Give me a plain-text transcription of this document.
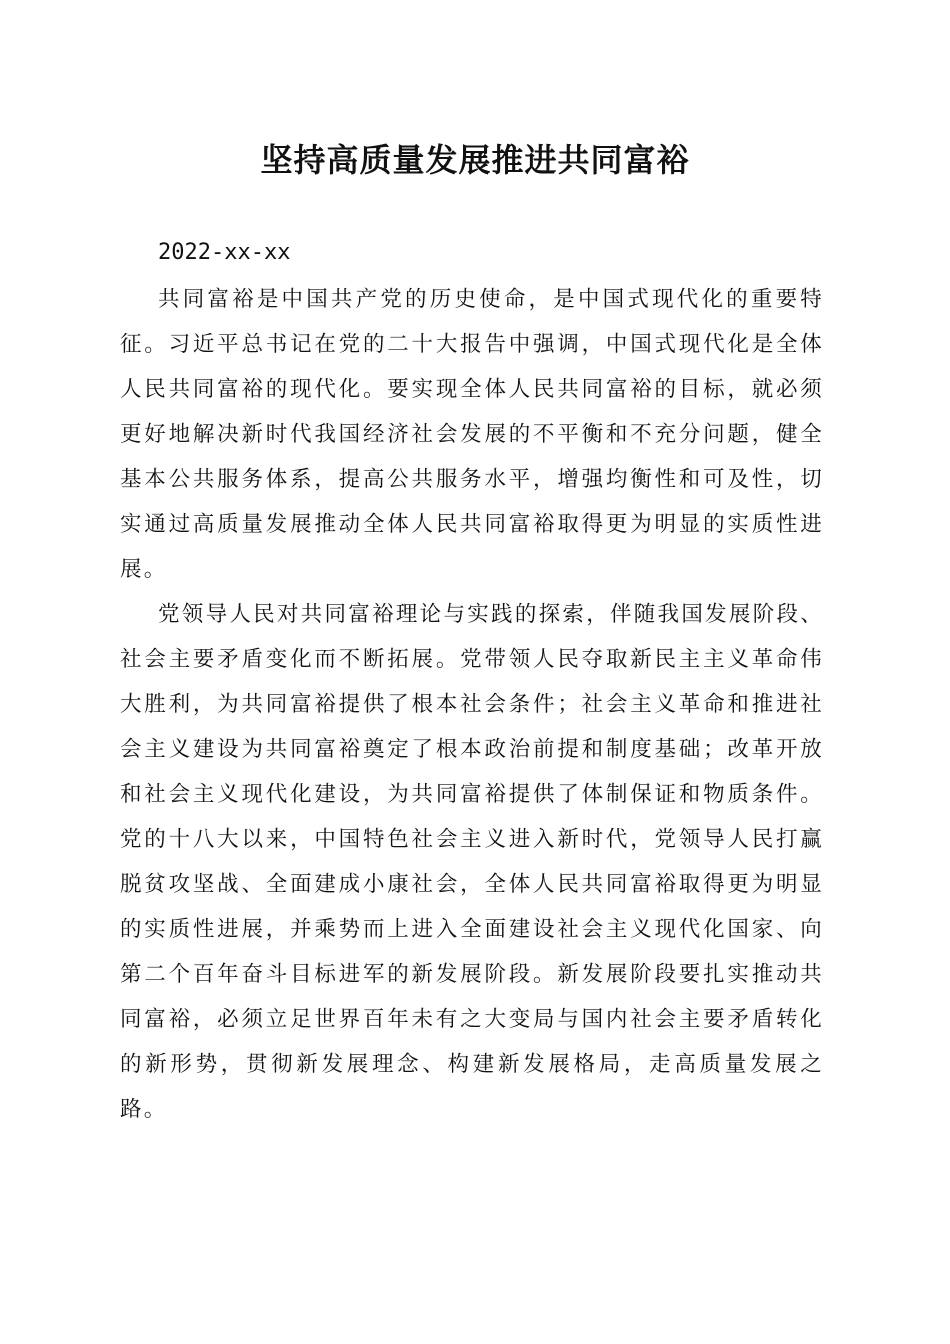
坚持高质量发展推进共同富裕

2022-xx-xx

共同富裕是中国共产党的历史使命，是中国式现代化的重要特征。习近平总书记在党的二十大报告中强调，中国式现代化是全体人民共同富裕的现代化。要实现全体人民共同富裕的目标，就必须更好地解决新时代我国经济社会发展的不平衡和不充分问题，健全基本公共服务体系，提高公共服务水平，增强均衡性和可及性，切实通过高质量发展推动全体人民共同富裕取得更为明显的实质性进展。

党领导人民对共同富裕理论与实践的探索，伴随我国发展阶段、社会主要矛盾变化而不断拓展。党带领人民夺取新民主主义革命伟大胜利，为共同富裕提供了根本社会条件；社会主义革命和推进社会主义建设为共同富裕奠定了根本政治前提和制度基础；改革开放和社会主义现代化建设，为共同富裕提供了体制保证和物质条件。党的十八大以来，中国特色社会主义进入新时代，党领导人民打赢脱贫攻坚战、全面建成小康社会，全体人民共同富裕取得更为明显的实质性进展，并乘势而上进入全面建设社会主义现代化国家、向第二个百年奋斗目标进军的新发展阶段。新发展阶段要扎实推动共同富裕，必须立足世界百年未有之大变局与国内社会主要矛盾转化的新形势，贯彻新发展理念、构建新发展格局，走高质量发展之路。
